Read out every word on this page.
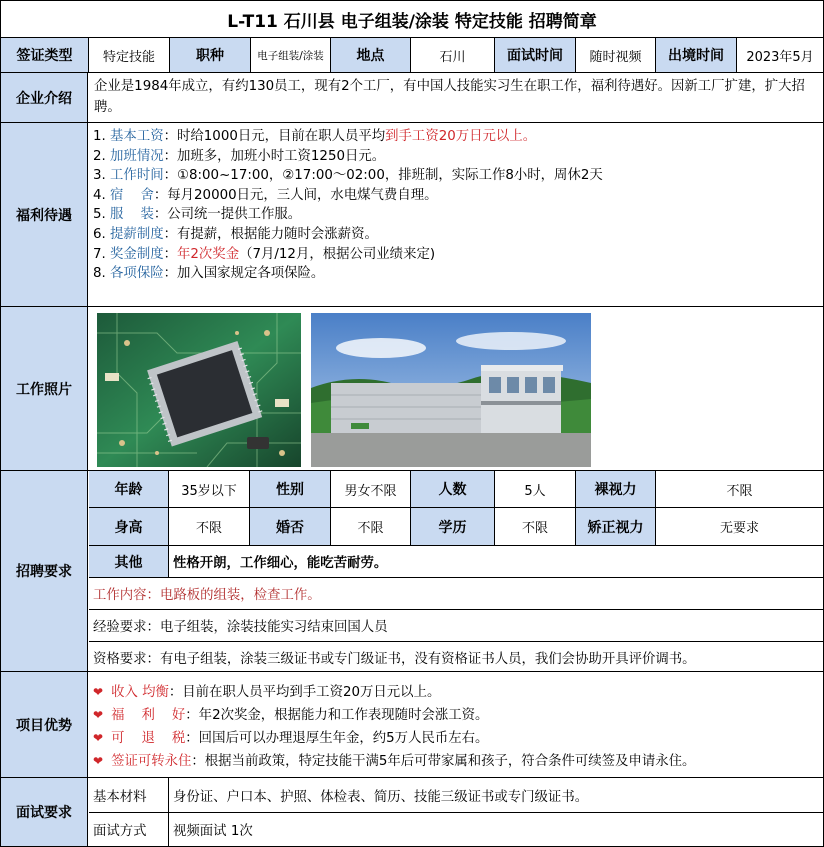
L-T11 石川县 电子组装/涂装 特定技能 招聘简章
签证类型	特定技能	职种	电子组装/涂装	地点	石川	面试时间	随时视频	出境时间	2023年5月
企业介绍
企业是1984年成立，有约130员工，现有2个工厂，有中国人技能实习生在职工作，福利待遇好。因新工厂扩建，扩大招聘。
福利待遇
1. 基本工资：时给1000日元，目前在职人员平均到手工资20万日元以上。
2. 加班情况：加班多，加班小时工资1250日元。
3. 工作时间：①8:00~17:00，②17:00～02:00，排班制，实际工作8小时，周休2天
4. 宿    舍：每月20000日元，三人间，水电煤气费自理。
5. 服    装：公司统一提供工作服。
6. 提薪制度：有提薪，根据能力随时会涨薪资。
7. 奖金制度：年2次奖金（7月/12月，根据公司业绩来定)
8. 各项保险：加入国家规定各项保险。
工作照片
招聘要求
年龄	35岁以下	性别	男女不限	人数	5人	裸视力	不限
身高	不限	婚否	不限	学历	不限	矫正视力	无要求
其他	性格开朗，工作细心，能吃苦耐劳。
工作内容：电路板的组装，检查工作。
经验要求：电子组装，涂装技能实习结束回国人员
资格要求：有电子组装，涂装三级证书或专门级证书，没有资格证书人员，我们会协助开具评价调书。
项目优势
❤ 收入 均衡：目前在职人员平均到手工资20万日元以上。
❤ 福    利    好：年2次奖金，根据能力和工作表现随时会涨工资。
❤ 可    退    税：回国后可以办理退厚生年金，约5万人民币左右。
❤ 签证可转永住：根据当前政策，特定技能干满5年后可带家属和孩子，符合条件可续签及申请永住。
面试要求
基本材料	身份证、户口本、护照、体检表、简历、技能三级证书或专门级证书。
面试方式	视频面试 1次
